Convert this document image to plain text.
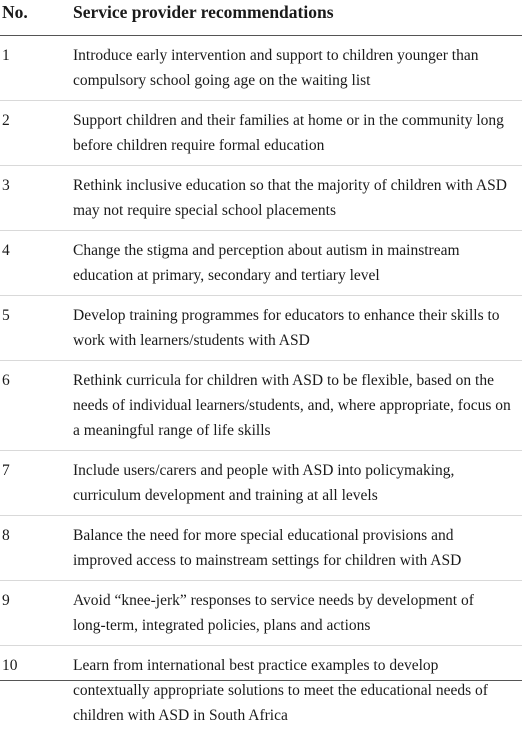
No.	Service provider recommendations
1	Introduce early intervention and support to children younger than
compulsory school going age on the waiting list
2	Support children and their families at home or in the community long
before children require formal education
3	Rethink inclusive education so that the majority of children with ASD
may not require special school placements
4	Change the stigma and perception about autism in mainstream
education at primary, secondary and tertiary level
5	Develop training programmes for educators to enhance their skills to
work with learners/students with ASD
6	Rethink curricula for children with ASD to be flexible, based on the
needs of individual learners/students, and, where appropriate, focus on
a meaningful range of life skills
7	Include users/carers and people with ASD into policymaking,
curriculum development and training at all levels
8	Balance the need for more special educational provisions and
improved access to mainstream settings for children with ASD
9	Avoid “knee-jerk” responses to service needs by development of
long-term, integrated policies, plans and actions
10	Learn from international best practice examples to develop
contextually appropriate solutions to meet the educational needs of
children with ASD in South Africa
